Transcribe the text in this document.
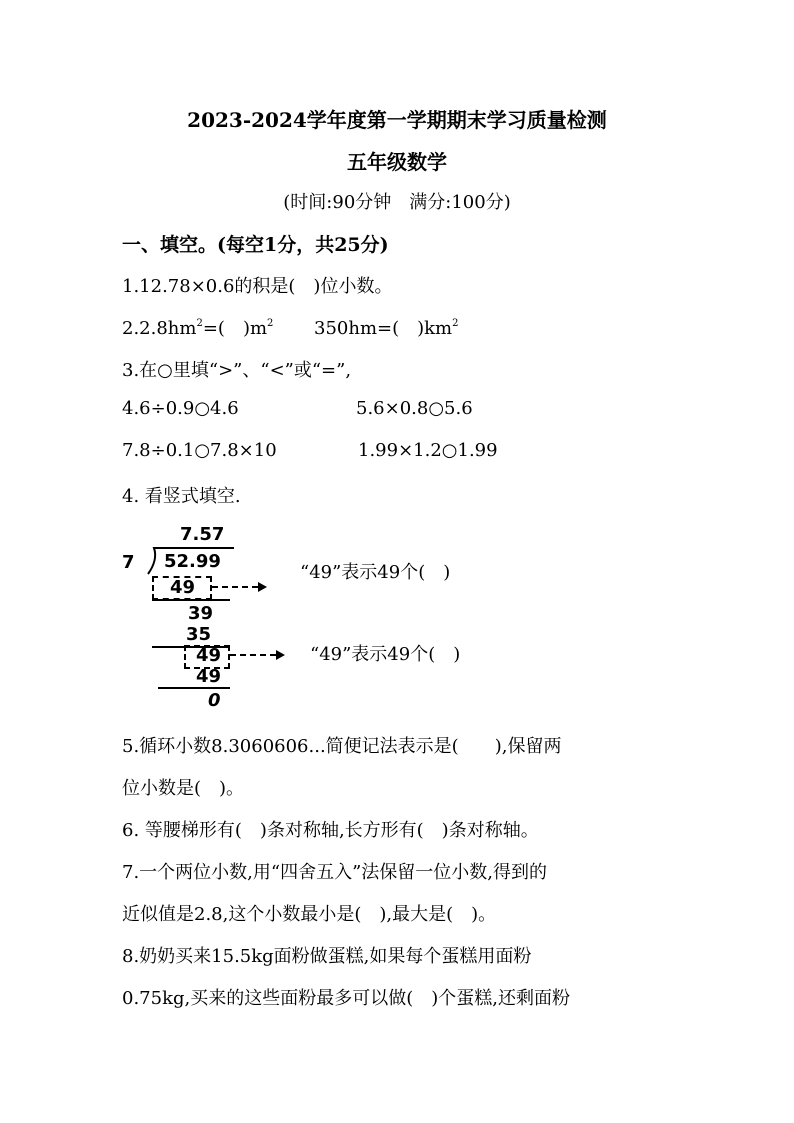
2023-2024学年度第一学期期末学习质量检测
五年级数学
(时间:90分钟　满分:100分)
一、填空。(每空1分，共25分)
1.12.78×0.6的积是(　)位小数。
$2.2.8hm^2=$(　)$m^2$ 350hm=(　)$km^2$
3.在○里填“>”、“<”或“=”,
4.6÷0.9○4.6	5.6×0.8○5.6
7.8÷0.1○7.8×10	1.99×1.2○1.99
4. 看竖式填空.
7.57
7 52.99
49
39
35
49
49
0
“49”表示49个(　)
“49”表示49个(　)
5.循环小数8.3060606...简便记法表示是(　　),保留两
位小数是(　)。
6. 等腰梯形有(　)条对称轴,长方形有(　)条对称轴。
7.一个两位小数,用“四舍五入”法保留一位小数,得到的
近似值是2.8,这个小数最小是(　),最大是(　)。
8.奶奶买来15.5kg面粉做蛋糕,如果每个蛋糕用面粉
0.75kg,买来的这些面粉最多可以做(　)个蛋糕,还剩面粉
